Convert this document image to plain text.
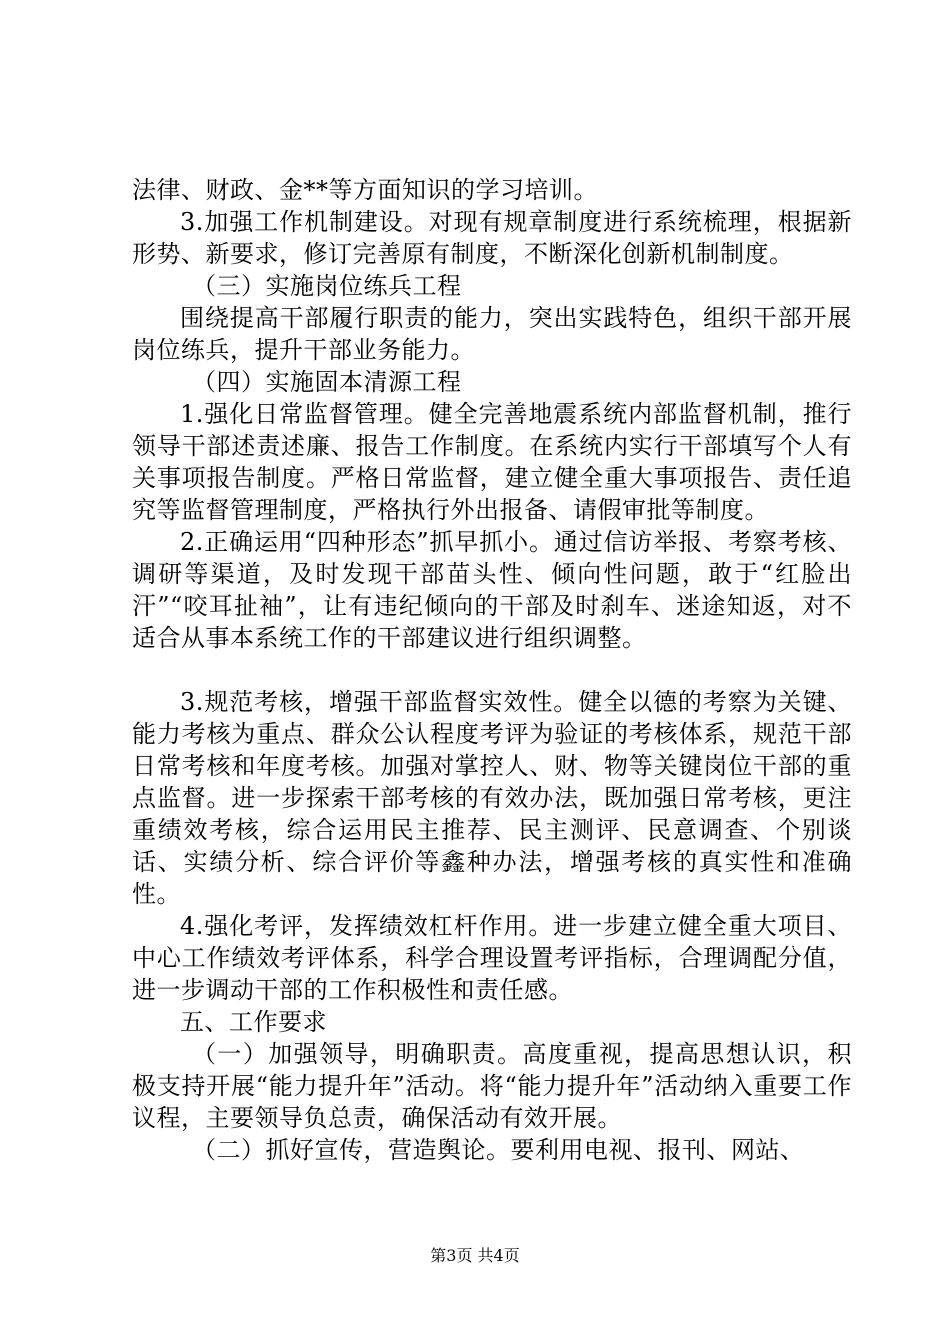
法律、财政、金**等方面知识的学习培训。

3.加强工作机制建设。对现有规章制度进行系统梳理，根据新形势、新要求，修订完善原有制度，不断深化创新机制制度。

（三）实施岗位练兵工程

围绕提高干部履行职责的能力，突出实践特色，组织干部开展岗位练兵，提升干部业务能力。

（四）实施固本清源工程

1.强化日常监督管理。健全完善地震系统内部监督机制，推行领导干部述责述廉、报告工作制度。在系统内实行干部填写个人有关事项报告制度。严格日常监督，建立健全重大事项报告、责任追究等监督管理制度，严格执行外出报备、请假审批等制度。

2.正确运用“四种形态”抓早抓小。通过信访举报、考察考核、调研等渠道，及时发现干部苗头性、倾向性问题，敢于“红脸出汗”“咬耳扯袖”，让有违纪倾向的干部及时刹车、迷途知返，对不适合从事本系统工作的干部建议进行组织调整。

3.规范考核，增强干部监督实效性。健全以德的考察为关键、能力考核为重点、群众公认程度考评为验证的考核体系，规范干部日常考核和年度考核。加强对掌控人、财、物等关键岗位干部的重点监督。进一步探索干部考核的有效办法，既加强日常考核，更注重绩效考核，综合运用民主推荐、民主测评、民意调查、个别谈话、实绩分析、综合评价等鑫种办法，增强考核的真实性和准确性。

4.强化考评，发挥绩效杠杆作用。进一步建立健全重大项目、中心工作绩效考评体系，科学合理设置考评指标，合理调配分值，进一步调动干部的工作积极性和责任感。

五、工作要求

（一）加强领导，明确职责。高度重视，提高思想认识，积极支持开展“能力提升年”活动。将“能力提升年”活动纳入重要工作议程，主要领导负总责，确保活动有效开展。

（二）抓好宣传，营造舆论。要利用电视、报刊、网站、

第3页 共4页
